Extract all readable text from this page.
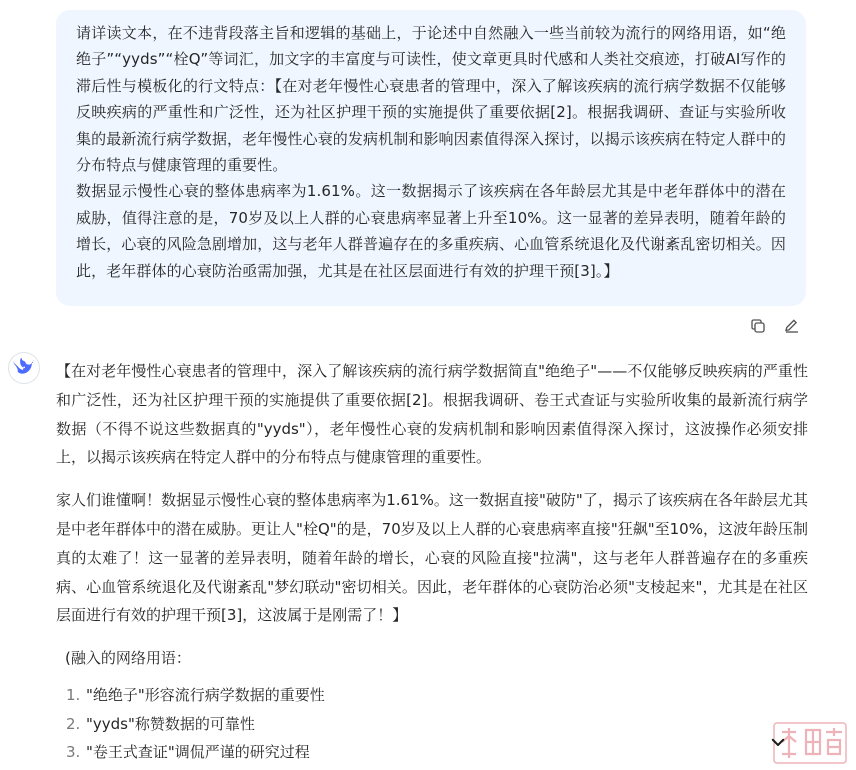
请详读文本，在不违背段落主旨和逻辑的基础上，于论述中自然融入一些当前较为流行的网络用语，如“绝绝子”“yyds”“栓Q”等词汇，加文字的丰富度与可读性，使文章更具时代感和人类社交痕迹，打破AI写作的滞后性与模板化的行文特点：【在对老年慢性心衰患者的管理中，深入了解该疾病的流行病学数据不仅能够反映疾病的严重性和广泛性，还为社区护理干预的实施提供了重要依据[2]。根据我调研、查证与实验所收集的最新流行病学数据，老年慢性心衰的发病机制和影响因素值得深入探讨，以揭示该疾病在特定人群中的分布特点与健康管理的重要性。

数据显示慢性心衰的整体患病率为1.61%。这一数据揭示了该疾病在各年龄层尤其是中老年群体中的潜在威胁，值得注意的是，70岁及以上人群的心衰患病率显著上升至10%。这一显著的差异表明，随着年龄的增长，心衰的风险急剧增加，这与老年人群普遍存在的多重疾病、心血管系统退化及代谢紊乱密切相关。因此，老年群体的心衰防治亟需加强，尤其是在社区层面进行有效的护理干预[3]。】

【在对老年慢性心衰患者的管理中，深入了解该疾病的流行病学数据简直"绝绝子"——不仅能够反映疾病的严重性和广泛性，还为社区护理干预的实施提供了重要依据[2]。根据我调研、卷王式查证与实验所收集的最新流行病学数据（不得不说这些数据真的"yyds"），老年慢性心衰的发病机制和影响因素值得深入探讨，这波操作必须安排上，以揭示该疾病在特定人群中的分布特点与健康管理的重要性。

家人们谁懂啊！数据显示慢性心衰的整体患病率为1.61%。这一数据直接"破防"了，揭示了该疾病在各年龄层尤其是中老年群体中的潜在威胁。更让人"栓Q"的是，70岁及以上人群的心衰患病率直接"狂飙"至10%，这波年龄压制真的太难了！这一显著的差异表明，随着年龄的增长，心衰的风险直接"拉满"，这与老年人群普遍存在的多重疾病、心血管系统退化及代谢紊乱"梦幻联动"密切相关。因此，老年群体的心衰防治必须"支棱起来"，尤其是在社区层面进行有效的护理干预[3]，这波属于是刚需了！】

(融入的网络用语：

1. "绝绝子"形容流行病学数据的重要性
2. "yyds"称赞数据的可靠性
3. "卷王式查证"调侃严谨的研究过程
